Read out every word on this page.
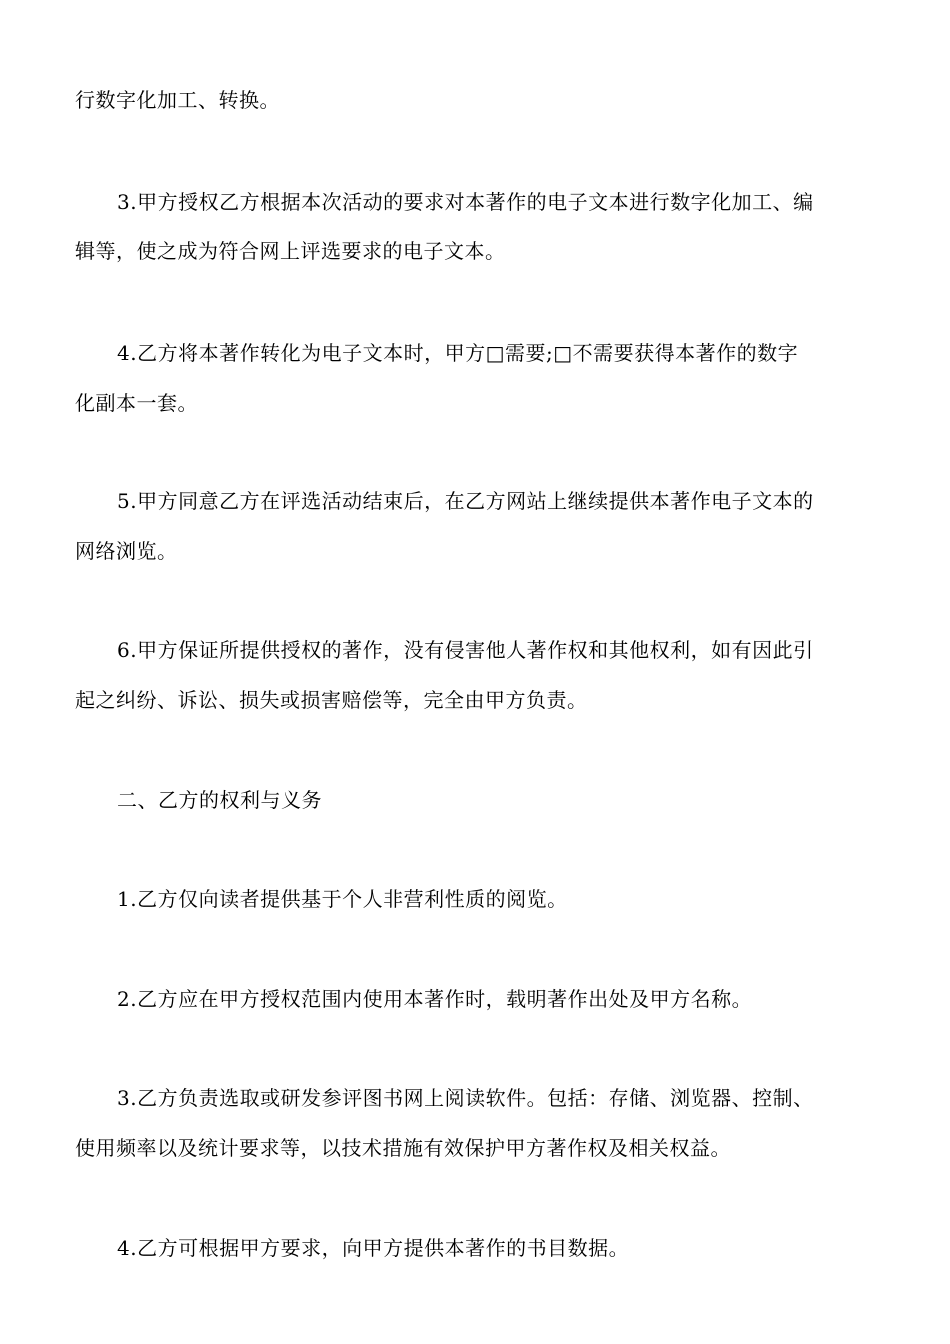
行数字化加工、转换。
3.甲方授权乙方根据本次活动的要求对本著作的电子文本进行数字化加工、编
辑等，使之成为符合网上评选要求的电子文本。
4.乙方将本著作转化为电子文本时，甲方□需要;□不需要获得本著作的数字
化副本一套。
5.甲方同意乙方在评选活动结束后，在乙方网站上继续提供本著作电子文本的
网络浏览。
6.甲方保证所提供授权的著作，没有侵害他人著作权和其他权利，如有因此引
起之纠纷、诉讼、损失或损害赔偿等，完全由甲方负责。
二、乙方的权利与义务
1.乙方仅向读者提供基于个人非营利性质的阅览。
2.乙方应在甲方授权范围内使用本著作时，载明著作出处及甲方名称。
3.乙方负责选取或研发参评图书网上阅读软件。包括：存储、浏览器、控制、
使用频率以及统计要求等，以技术措施有效保护甲方著作权及相关权益。
4.乙方可根据甲方要求，向甲方提供本著作的书目数据。
